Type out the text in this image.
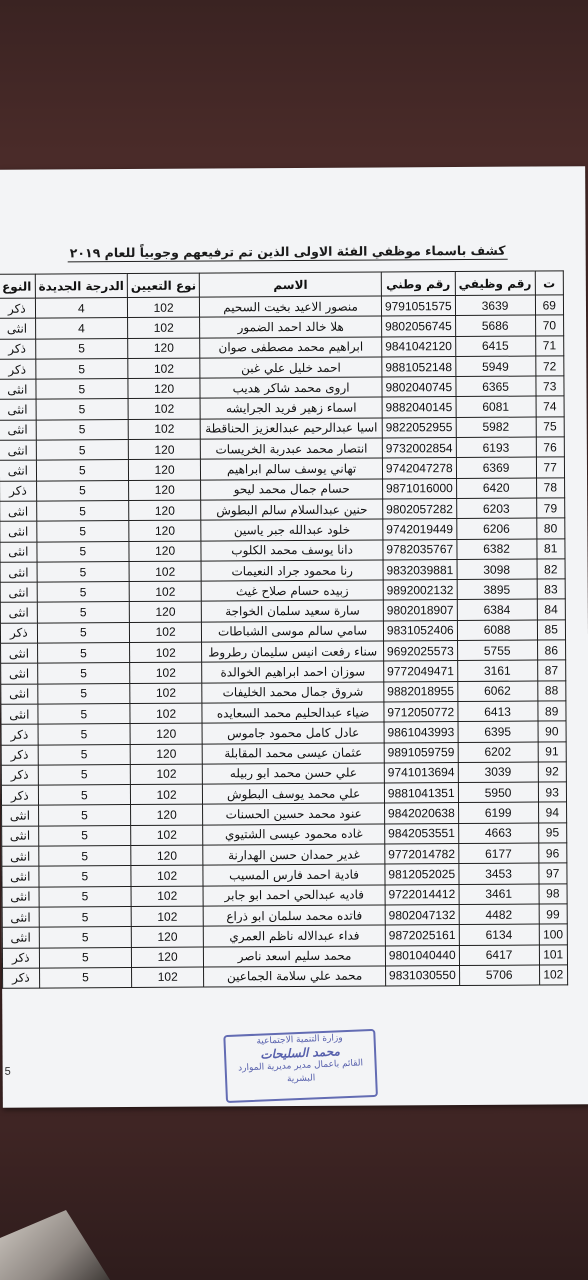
كشف باسماء موظفي الفئة الاولى الذين تم ترفيعهم وجوبياً للعام ٢٠١٩
ت	رقم وظيفي	رقم وطني	الاسم	نوع التعيين	الدرجة الجديدة	النوع
69	3639	9791051575	منصور الاعيد بخيت السحيم	102	4	ذكر
70	5686	9802056745	هلا خالد احمد الضمور	102	4	انثى
71	6415	9841042120	ابراهيم محمد مصطفى صوان	120	5	ذكر
72	5949	9881052148	احمد خليل علي غبن	102	5	ذكر
73	6365	9802040745	اروى محمد شاكر هديب	120	5	انثى
74	6081	9882040145	اسماء زهير فريد الجرايشه	102	5	انثى
75	5982	9822052955	اسيا عبدالرحيم عبدالعزيز الحناقطة	102	5	انثى
76	6193	9732002854	انتصار محمد عبدربة الخريسات	120	5	انثى
77	6369	9742047278	تهاني يوسف سالم ابراهيم	120	5	انثى
78	6420	9871016000	حسام جمال محمد ليحو	120	5	ذكر
79	6203	9802057282	حنين عبدالسلام سالم البطوش	120	5	انثى
80	6206	9742019449	خلود عبدالله جبر ياسين	120	5	انثى
81	6382	9782035767	دانا يوسف محمد الكلوب	120	5	انثى
82	3098	9832039881	رنا محمود جراد النعيمات	102	5	انثى
83	3895	9892002132	زبيده حسام صلاح غيث	102	5	انثى
84	6384	9802018907	سارة سعيد سلمان الخواجة	120	5	انثى
85	6088	9831052406	سامي سالم موسى الشباطات	102	5	ذكر
86	5755	9692025573	سناء رفعت انيس سليمان رطروط	102	5	انثى
87	3161	9772049471	سوزان احمد ابراهيم الخوالدة	102	5	انثى
88	6062	9882018955	شروق جمال محمد الخليفات	102	5	انثى
89	6413	9712050772	ضياء عبدالحليم محمد السعايده	102	5	انثى
90	6395	9861043993	عادل كامل محمود جاموس	120	5	ذكر
91	6202	9891059759	عثمان عيسى محمد المقابلة	120	5	ذكر
92	3039	9741013694	علي حسن محمد ابو ربيله	102	5	ذكر
93	5950	9881041351	علي محمد يوسف البطوش	102	5	ذكر
94	6199	9842020638	عنود محمد حسين الحسنات	120	5	انثى
95	4663	9842053551	غاده محمود عيسى الشتيوي	102	5	انثى
96	6177	9772014782	غدير حمدان حسن الهدارنة	120	5	انثى
97	3453	9812052025	فادية احمد فارس المسيب	102	5	انثى
98	3461	9722014412	فاديه عبدالحي احمد ابو جابر	102	5	انثى
99	4482	9802047132	فاتده محمد سلمان ابو ذراع	102	5	انثى
100	6134	9872025161	فداء عبدالاله ناظم العمري	120	5	انثى
101	6417	9801040440	محمد سليم اسعد ناصر	120	5	ذكر
102	5706	9831030550	محمد علي سلامة الجماعين	102	5	ذكر
وزارة التنمية الاجتماعية
محمد السليحات
القائم باعمال مدير مديرية الموارد البشرية
5
